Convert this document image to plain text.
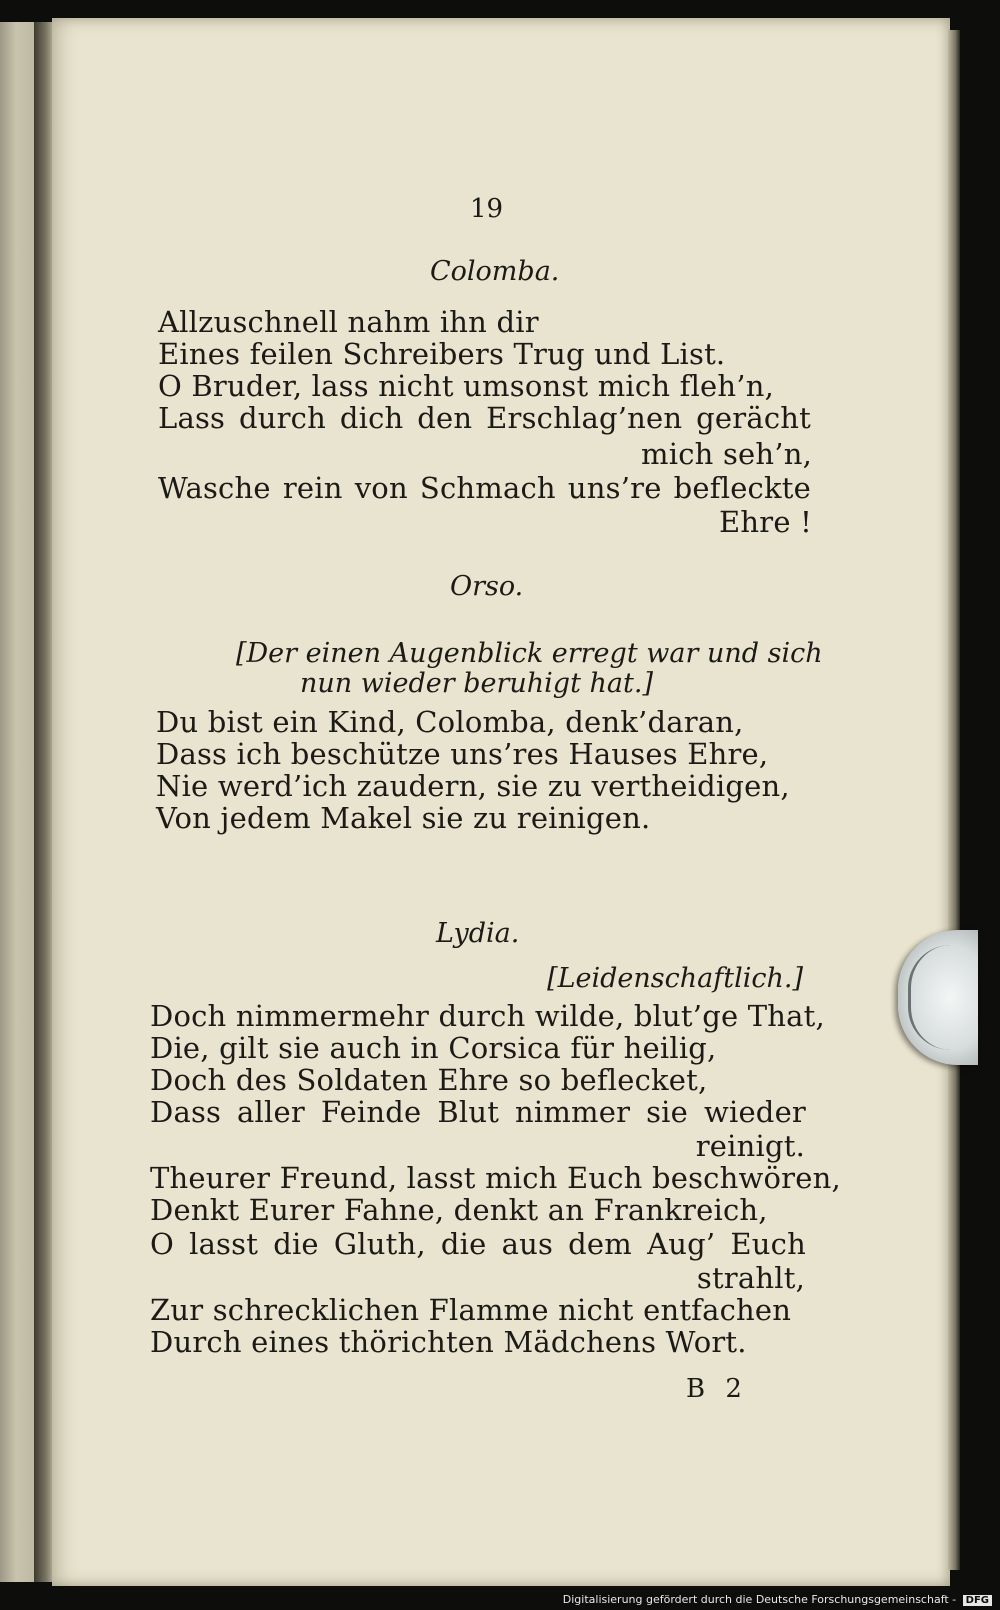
19
Colomba.
Allzuschnell nahm ihn dir
Eines feilen Schreibers Trug und List.
O Bruder, lass nicht umsonst mich fleh’n,
Lass durch dich den Erschlag’nen gerächt
mich seh’n,
Wasche rein von Schmach uns’re befleckte
Ehre !
Orso.
[Der einen Augenblick erregt war und sich
nun wieder beruhigt hat.]
Du bist ein Kind, Colomba, denk’daran,
Dass ich beschütze uns’res Hauses Ehre,
Nie werd’ich zaudern, sie zu vertheidigen,
Von jedem Makel sie zu reinigen.
Lydia.
[Leidenschaftlich.]
Doch nimmermehr durch wilde, blut’ge That,
Die, gilt sie auch in Corsica für heilig,
Doch des Soldaten Ehre so beflecket,
Dass aller Feinde Blut nimmer sie wieder
reinigt.
Theurer Freund, lasst mich Euch beschwören,
Denkt Eurer Fahne, denkt an Frankreich,
O lasst die Gluth, die aus dem Aug’ Euch
strahlt,
Zur schrecklichen Flamme nicht entfachen
Durch eines thörichten Mädchens Wort.
B 2
Digitalisierung gefördert durch die Deutsche Forschungsgemeinschaft - DFG
